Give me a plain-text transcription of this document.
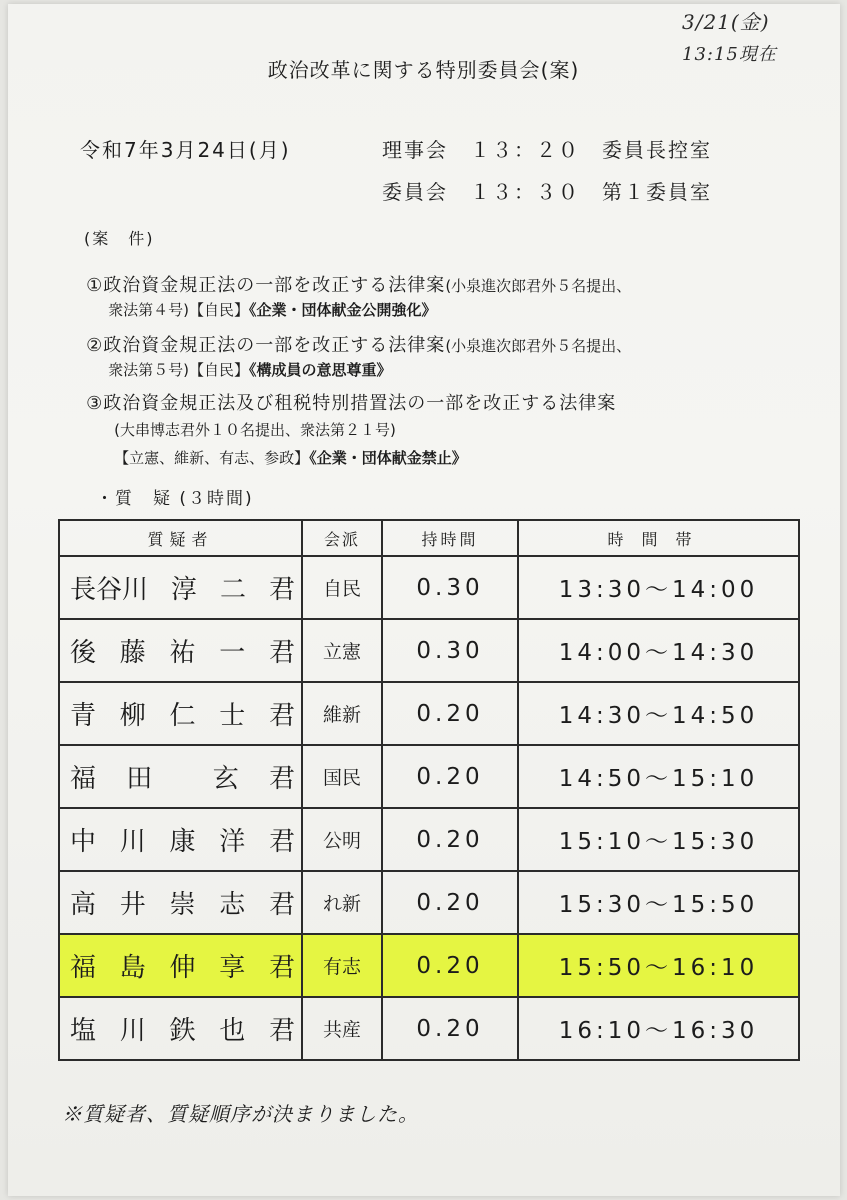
3/21(金)
13:15現在
政治改革に関する特別委員会(案)
令和7年3月24日(月)	理事会　１３：２０　委員長控室
委員会　１３：３０　第１委員室
(案　件)

①政治資金規正法の一部を改正する法律案(小泉進次郎君外５名提出、

衆法第４号)【自民】《企業・団体献金公開強化》

②政治資金規正法の一部を改正する法律案(小泉進次郎君外５名提出、

衆法第５号)【自民】《構成員の意思尊重》

③政治資金規正法及び租税特別措置法の一部を改正する法律案

(大串博志君外１０名提出、衆法第２１号)

【立憲、維新、有志、参政】《企業・団体献金禁止》

・質　疑 (３時間)
質疑者	会派	持時間	時間帯

長谷川 淳 二 君	自民	0.30	13:30〜14:00

後 藤 祐 一 君	立憲	0.30	14:00〜14:30

青 柳 仁 士 君	維新	0.20	14:30〜14:50

福 田 玄 君	国民	0.20	14:50〜15:10

中 川 康 洋 君	公明	0.20	15:10〜15:30

高 井 崇 志 君	れ新	0.20	15:30〜15:50

福 島 伸 享 君	有志	0.20	15:50〜16:10

塩 川 鉄 也 君	共産	0.20	16:10〜16:30
※質疑者、質疑順序が決まりました。
